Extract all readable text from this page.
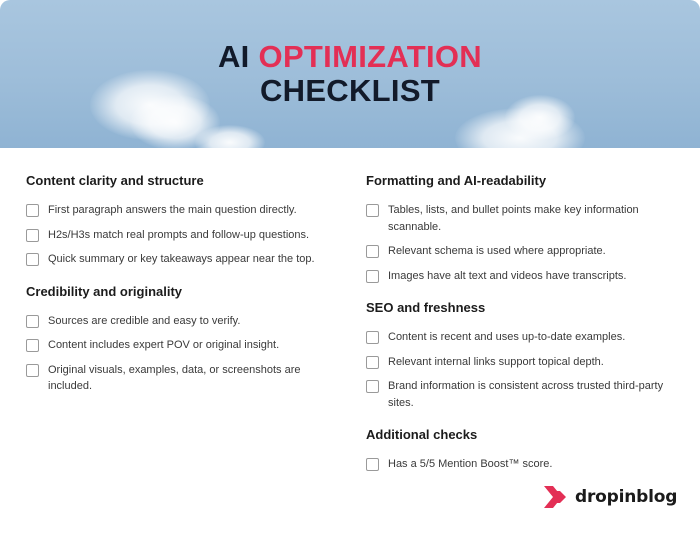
AI OPTIMIZATION
CHECKLIST
Content clarity and structure
First paragraph answers the main question directly.
H2s/H3s match real prompts and follow-up questions.
Quick summary or key takeaways appear near the top.
Credibility and originality
Sources are credible and easy to verify.
Content includes expert POV or original insight.
Original visuals, examples, data, or screenshots are included.
Formatting and AI-readability
Tables, lists, and bullet points make key information scannable.
Relevant schema is used where appropriate.
Images have alt text and videos have transcripts.
SEO and freshness
Content is recent and uses up-to-date examples.
Relevant internal links support topical depth.
Brand information is consistent across trusted third-party sites.
Additional checks
Has a 5/5 Mention Boost™ score.
dropinblog
